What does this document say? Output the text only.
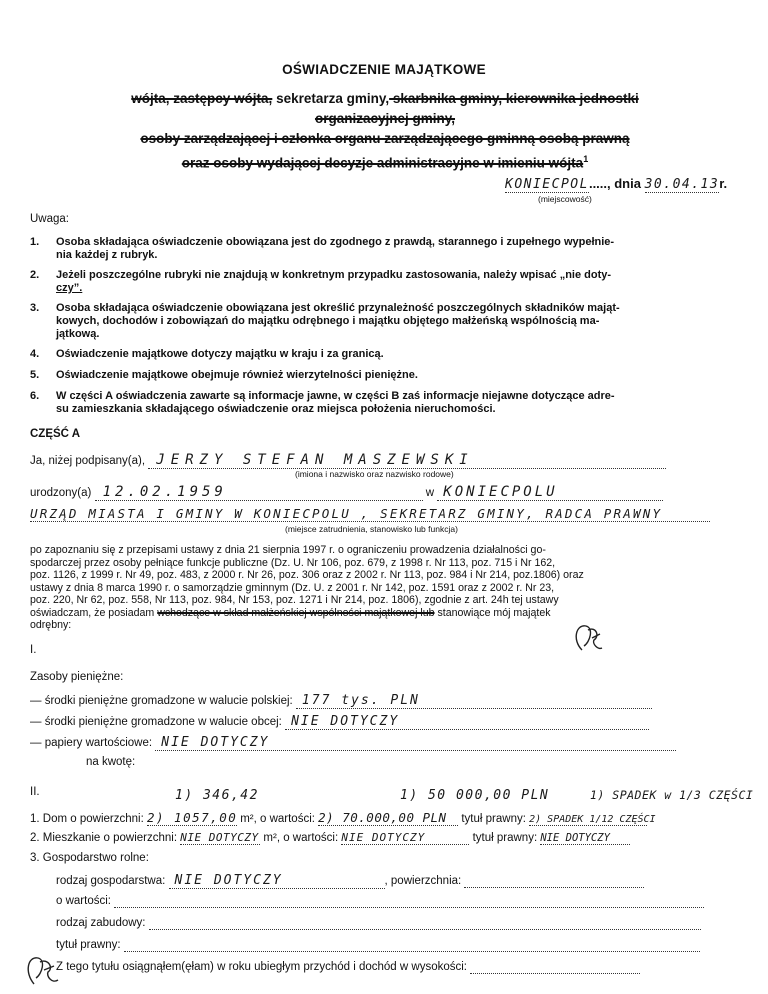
OŚWIADCZENIE MAJĄTKOWE
wójta, zastępcy wójta, sekretarza gminy, skarbnika gminy, kierownika jednostki
organizacyjnej gminy,
osoby zarządzającej i członka organu zarządzającego gminną osobą prawną
oraz osoby wydającej decyzje administracyjne w imieniu wójta$^1$
KONIECPOL....., dnia 30.04.13r.
(miejscowość)
Uwaga:
1. Osoba składająca oświadczenie obowiązana jest do zgodnego z prawdą, starannego i zupełnego wypełnie-
nia każdej z rubryk.
2. Jeżeli poszczególne rubryki nie znajdują w konkretnym przypadku zastosowania, należy wpisać „nie doty-
czy”.
3. Osoba składająca oświadczenie obowiązana jest określić przynależność poszczególnych składników mająt-
kowych, dochodów i zobowiązań do majątku odrębnego i majątku objętego małżeńską wspólnością ma-
jątkową.
4. Oświadczenie majątkowe dotyczy majątku w kraju i za granicą.
5. Oświadczenie majątkowe obejmuje również wierzytelności pieniężne.
6. W części A oświadczenia zawarte są informacje jawne, w części B zaś informacje niejawne dotyczące adre-
su zamieszkania składającego oświadczenie oraz miejsca położenia nieruchomości.
CZĘŚĆ A
Ja, niżej podpisany(a), JERZY STEFAN MASZEWSKI
(imiona i nazwisko oraz nazwisko rodowe)
urodzony(a) 12.02.1959	w KONIECPOLU
URZĄD MIASTA I GMINY W KONIECPOLU , SEKRETARZ GMINY, RADCA PRAWNY
(miejsce zatrudnienia, stanowisko lub funkcja)
po zapoznaniu się z przepisami ustawy z dnia 21 sierpnia 1997 r. o ograniczeniu prowadzenia działalności go-
spodarczej przez osoby pełniące funkcje publiczne (Dz. U. Nr 106, poz. 679, z 1998 r. Nr 113, poz. 715 i Nr 162,
poz. 1126, z 1999 r. Nr 49, poz. 483, z 2000 r. Nr 26, poz. 306 oraz z 2002 r. Nr 113, poz. 984 i Nr 214, poz.1806) oraz
ustawy z dnia 8 marca 1990 r. o samorządzie gminnym (Dz. U. z 2001 r. Nr 142, poz. 1591 oraz z 2002 r. Nr 23,
poz. 220, Nr 62, poz. 558, Nr 113, poz. 984, Nr 153, poz. 1271 i Nr 214, poz. 1806), zgodnie z art. 24h tej ustawy
oświadczam, że posiadam wchodzące w skład małżeńskiej wspólności majątkowej lub stanowiące mój majątek
odrębny:
I.
Zasoby pieniężne:
— środki pieniężne gromadzone w walucie polskiej: 177 tys. PLN
— środki pieniężne gromadzone w walucie obcej: NIE DOTYCZY
— papiery wartościowe: NIE DOTYCZY
na kwotę:
II.	1) 346,42	1) 50 000,00 PLN	1) SPADEK w 1/3 CZĘŚCI
1. Dom o powierzchni: 2) 1057,00 m², o wartości: 2) 70.000,00 PLN tytuł prawny: 2) SPADEK 1/12 CZĘŚCI
2. Mieszkanie o powierzchni: NIE DOTYCZY m², o wartości: NIE DOTYCZY	tytuł prawny: NIE DOTYCZY
3. Gospodarstwo rolne:
rodzaj gospodarstwa: NIE DOTYCZY	, powierzchnia:
o wartości:
rodzaj zabudowy:
tytuł prawny:
Z tego tytułu osiągnąłem(ęłam) w roku ubiegłym przychód i dochód w wysokości:
